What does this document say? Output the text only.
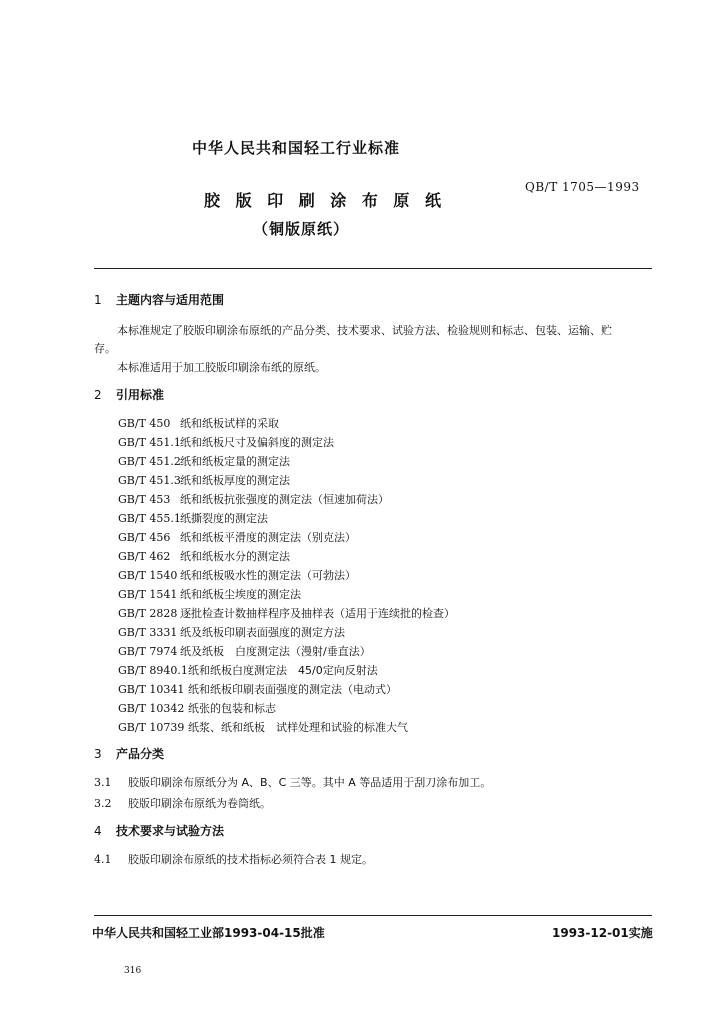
中华人民共和国轻工行业标准
QB/T 1705—1993
胶 版 印 刷 涂 布 原 纸
（铜版原纸）
1 主题内容与适用范围
本标准规定了胶版印刷涂布原纸的产品分类、技术要求、试验方法、检验规则和标志、包装、运输、贮
存。
本标准适用于加工胶版印刷涂布纸的原纸。
2 引用标准
GB/T 450 纸和纸板试样的采取
GB/T 451.1纸和纸板尺寸及偏斜度的测定法
GB/T 451.2纸和纸板定量的测定法
GB/T 451.3纸和纸板厚度的测定法
GB/T 453 纸和纸板抗张强度的测定法（恒速加荷法）
GB/T 455.1纸撕裂度的测定法
GB/T 456 纸和纸板平滑度的测定法（别克法）
GB/T 462 纸和纸板水分的测定法
GB/T 1540 纸和纸板吸水性的测定法（可勃法）
GB/T 1541 纸和纸板尘埃度的测定法
GB/T 2828 逐批检查计数抽样程序及抽样表（适用于连续批的检查）
GB/T 3331 纸及纸板印刷表面强度的测定方法
GB/T 7974 纸及纸板　白度测定法（漫射/垂直法）
GB/T 8940.1纸和纸板白度测定法　45/0定向反射法
GB/T 10341 纸和纸板印刷表面强度的测定法（电动式）
GB/T 10342 纸张的包装和标志
GB/T 10739 纸浆、纸和纸板　试样处理和试验的标准大气
3 产品分类
3.1 胶版印刷涂布原纸分为 A、B、C 三等。其中 A 等品适用于刮刀涂布加工。
3.2 胶版印刷涂布原纸为卷筒纸。
4 技术要求与试验方法
4.1 胶版印刷涂布原纸的技术指标必须符合表 1 规定。
中华人民共和国轻工业部1993-04-15批准	1993-12-01实施
316
